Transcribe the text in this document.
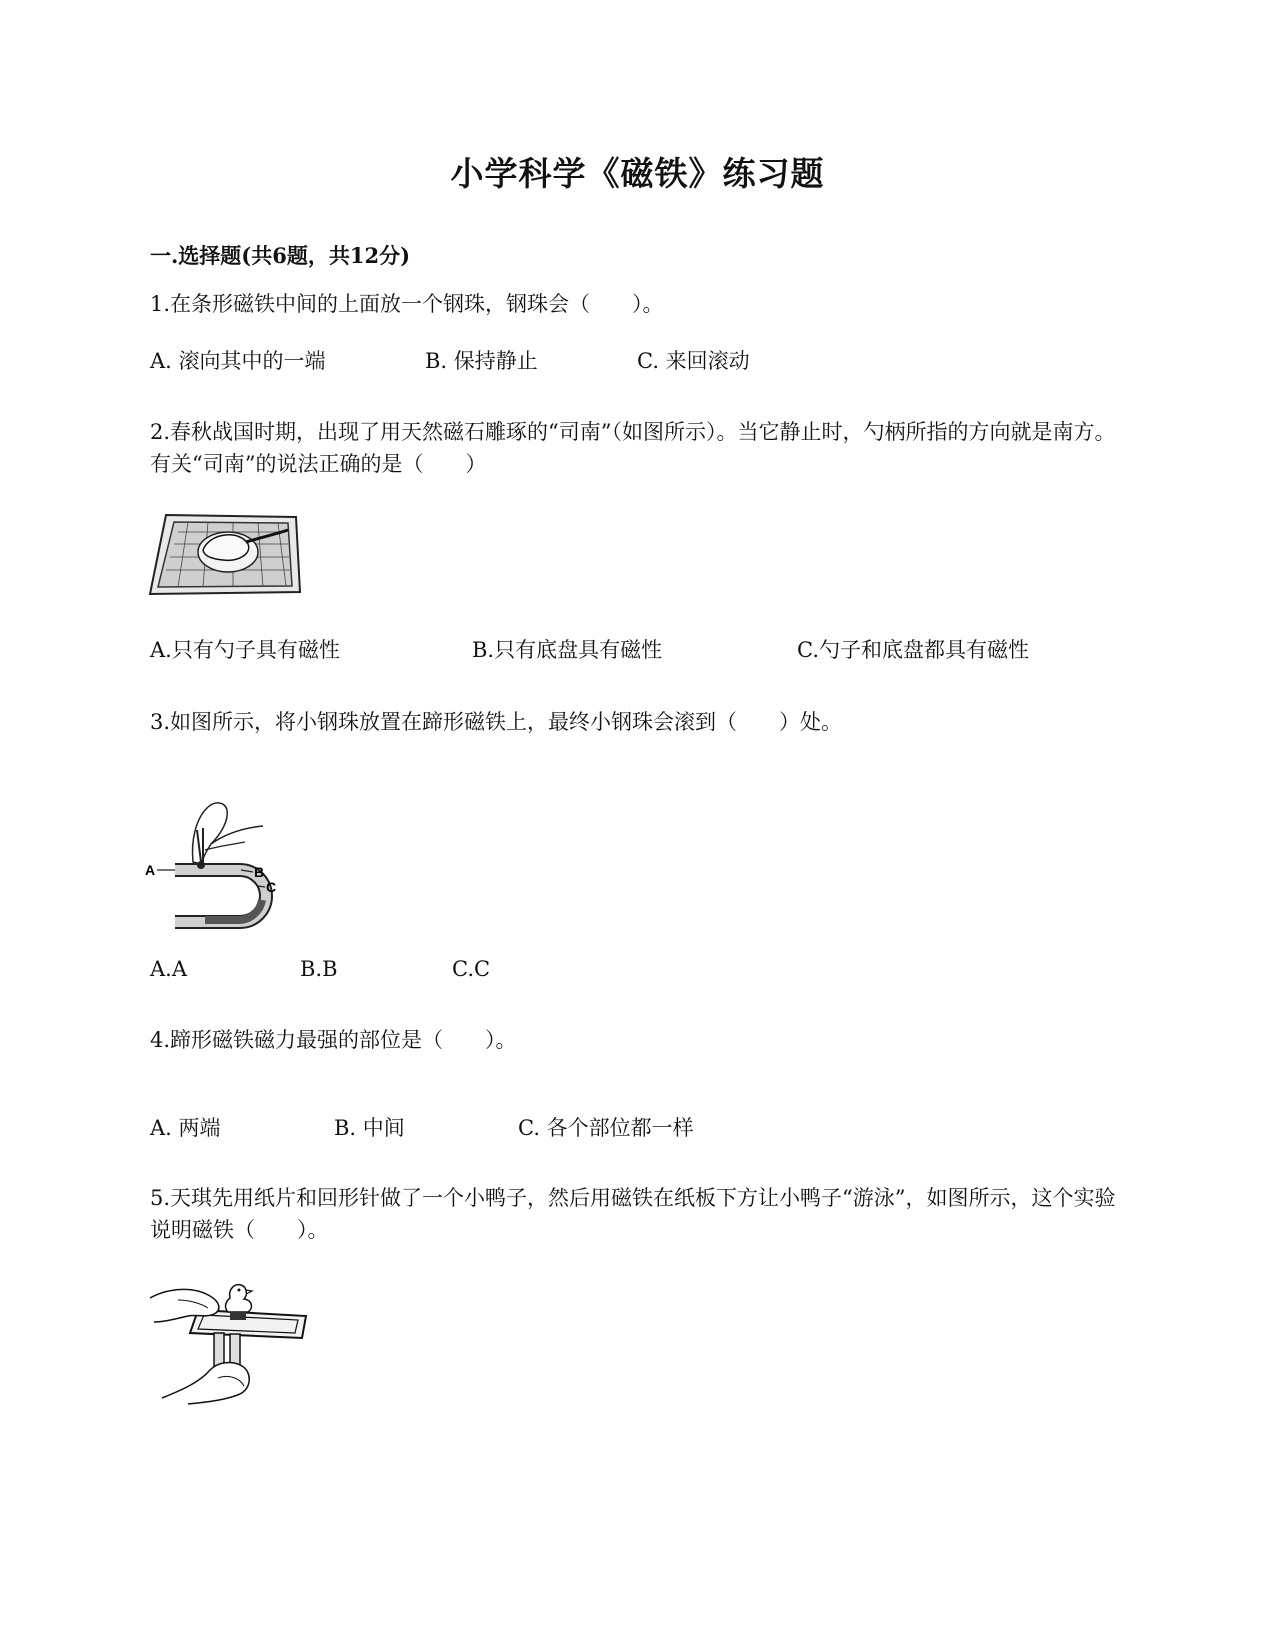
小学科学《磁铁》练习题
一.选择题(共6题，共12分)
1.在条形磁铁中间的上面放一个钢珠，钢珠会（　　）。
A. 滚向其中的一端	B. 保持静止	C. 来回滚动
2.春秋战国时期，出现了用天然磁石雕琢的“司南”（如图所示）。当它静止时，勺柄所指的方向就是南方。有关“司南”的说法正确的是（　　）
A.只有勺子具有磁性	B.只有底盘具有磁性	C.勺子和底盘都具有磁性
3.如图所示，将小钢珠放置在蹄形磁铁上，最终小钢珠会滚到（　　）处。
A	B
C
A.A	B.B	C.C
4.蹄形磁铁磁力最强的部位是（　　）。
A. 两端	B. 中间	C. 各个部位都一样
5.天琪先用纸片和回形针做了一个小鸭子，然后用磁铁在纸板下方让小鸭子“游泳”，如图所示，这个实验说明磁铁（　　）。
